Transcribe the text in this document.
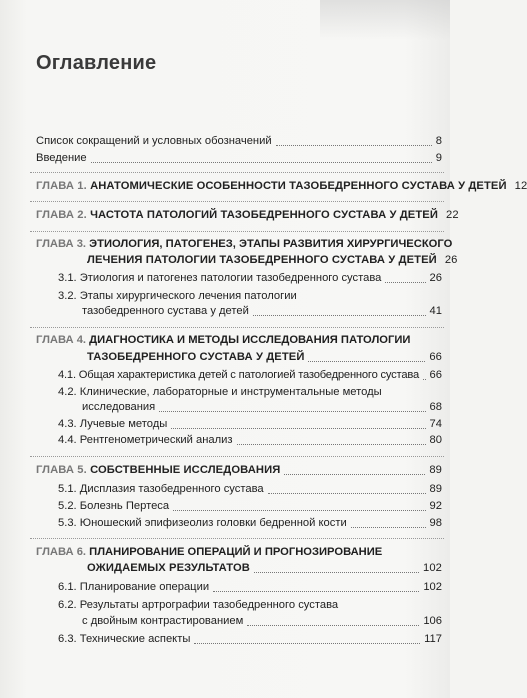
Оглавление
Список сокращений и условных обозначений	8
Введение	9
ГЛАВА 1. АНАТОМИЧЕСКИЕ ОСОБЕННОСТИ ТАЗОБЕДРЕННОГО СУСТАВА У ДЕТЕЙ 12
ГЛАВА 2. ЧАСТОТА ПАТОЛОГИЙ ТАЗОБЕДРЕННОГО СУСТАВА У ДЕТЕЙ 22
ГЛАВА 3. ЭТИОЛОГИЯ, ПАТОГЕНЕЗ, ЭТАПЫ РАЗВИТИЯ ХИРУРГИЧЕСКОГО
ЛЕЧЕНИЯ ПАТОЛОГИИ ТАЗОБЕДРЕННОГО СУСТАВА У ДЕТЕЙ 26
3.1. Этиология и патогенез патологии тазобедренного сустава	26
3.2. Этапы хирургического лечения патологии
тазобедренного сустава у детей	41
ГЛАВА 4. ДИАГНОСТИКА И МЕТОДЫ ИССЛЕДОВАНИЯ ПАТОЛОГИИ
ТАЗОБЕДРЕННОГО СУСТАВА У ДЕТЕЙ	66
4.1. Общая характеристика детей с патологией тазобедренного сустава 66
4.2. Клинические, лабораторные и инструментальные методы
исследования	68
4.3. Лучевые методы	74
4.4. Рентгенометрический анализ	80
ГЛАВА 5. СОБСТВЕННЫЕ ИССЛЕДОВАНИЯ	89
5.1. Дисплазия тазобедренного сустава	89
5.2. Болезнь Пертеса	92
5.3. Юношеский эпифизеолиз головки бедренной кости	98
ГЛАВА 6. ПЛАНИРОВАНИЕ ОПЕРАЦИЙ И ПРОГНОЗИРОВАНИЕ
ОЖИДАЕМЫХ РЕЗУЛЬТАТОВ	102
6.1. Планирование операции	102
6.2. Результаты артрографии тазобедренного сустава
с двойным контрастированием	106
6.3. Технические аспекты	117
